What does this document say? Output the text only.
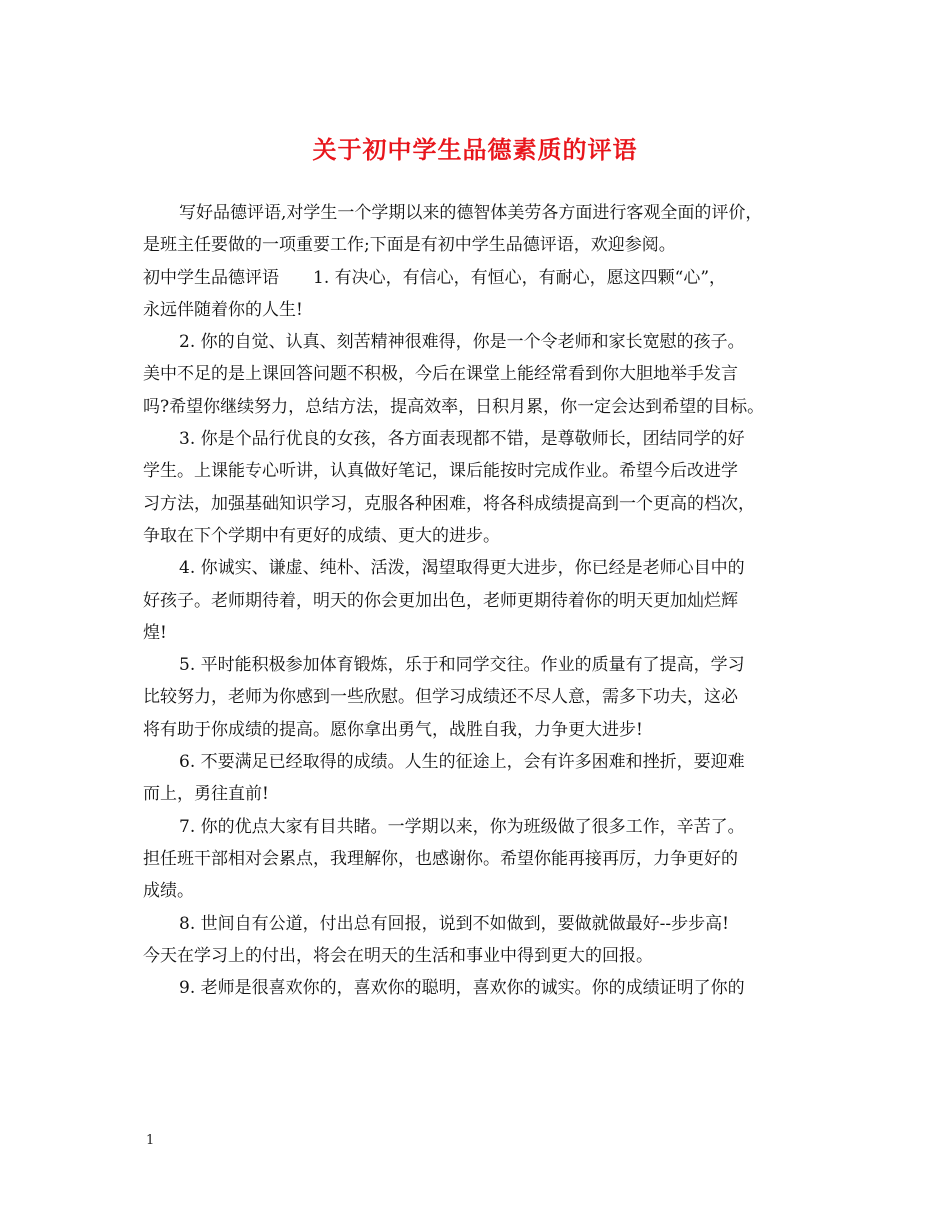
关于初中学生品德素质的评语
写好品德评语,对学生一个学期以来的德智体美劳各方面进行客观全面的评价，
是班主任要做的一项重要工作;下面是有初中学生品德评语，欢迎参阅。
初中学生品德评语　　1. 有决心，有信心，有恒心，有耐心，愿这四颗“心”，
永远伴随着你的人生!
2. 你的自觉、认真、刻苦精神很难得，你是一个令老师和家长宽慰的孩子。
美中不足的是上课回答问题不积极，今后在课堂上能经常看到你大胆地举手发言
吗?希望你继续努力，总结方法，提高效率，日积月累，你一定会达到希望的目标。
3. 你是个品行优良的女孩，各方面表现都不错，是尊敬师长，团结同学的好
学生。上课能专心听讲，认真做好笔记，课后能按时完成作业。希望今后改进学
习方法，加强基础知识学习，克服各种困难，将各科成绩提高到一个更高的档次，
争取在下个学期中有更好的成绩、更大的进步。
4. 你诚实、谦虚、纯朴、活泼，渴望取得更大进步，你已经是老师心目中的
好孩子。老师期待着，明天的你会更加出色，老师更期待着你的明天更加灿烂辉
煌!
5. 平时能积极参加体育锻炼，乐于和同学交往。作业的质量有了提高，学习
比较努力，老师为你感到一些欣慰。但学习成绩还不尽人意，需多下功夫，这必
将有助于你成绩的提高。愿你拿出勇气，战胜自我，力争更大进步!
6. 不要满足已经取得的成绩。人生的征途上，会有许多困难和挫折，要迎难
而上，勇往直前!
7. 你的优点大家有目共睹。一学期以来，你为班级做了很多工作，辛苦了。
担任班干部相对会累点，我理解你，也感谢你。希望你能再接再厉，力争更好的
成绩。
8. 世间自有公道，付出总有回报，说到不如做到，要做就做最好--步步高!
今天在学习上的付出，将会在明天的生活和事业中得到更大的回报。
9. 老师是很喜欢你的，喜欢你的聪明，喜欢你的诚实。你的成绩证明了你的
1
